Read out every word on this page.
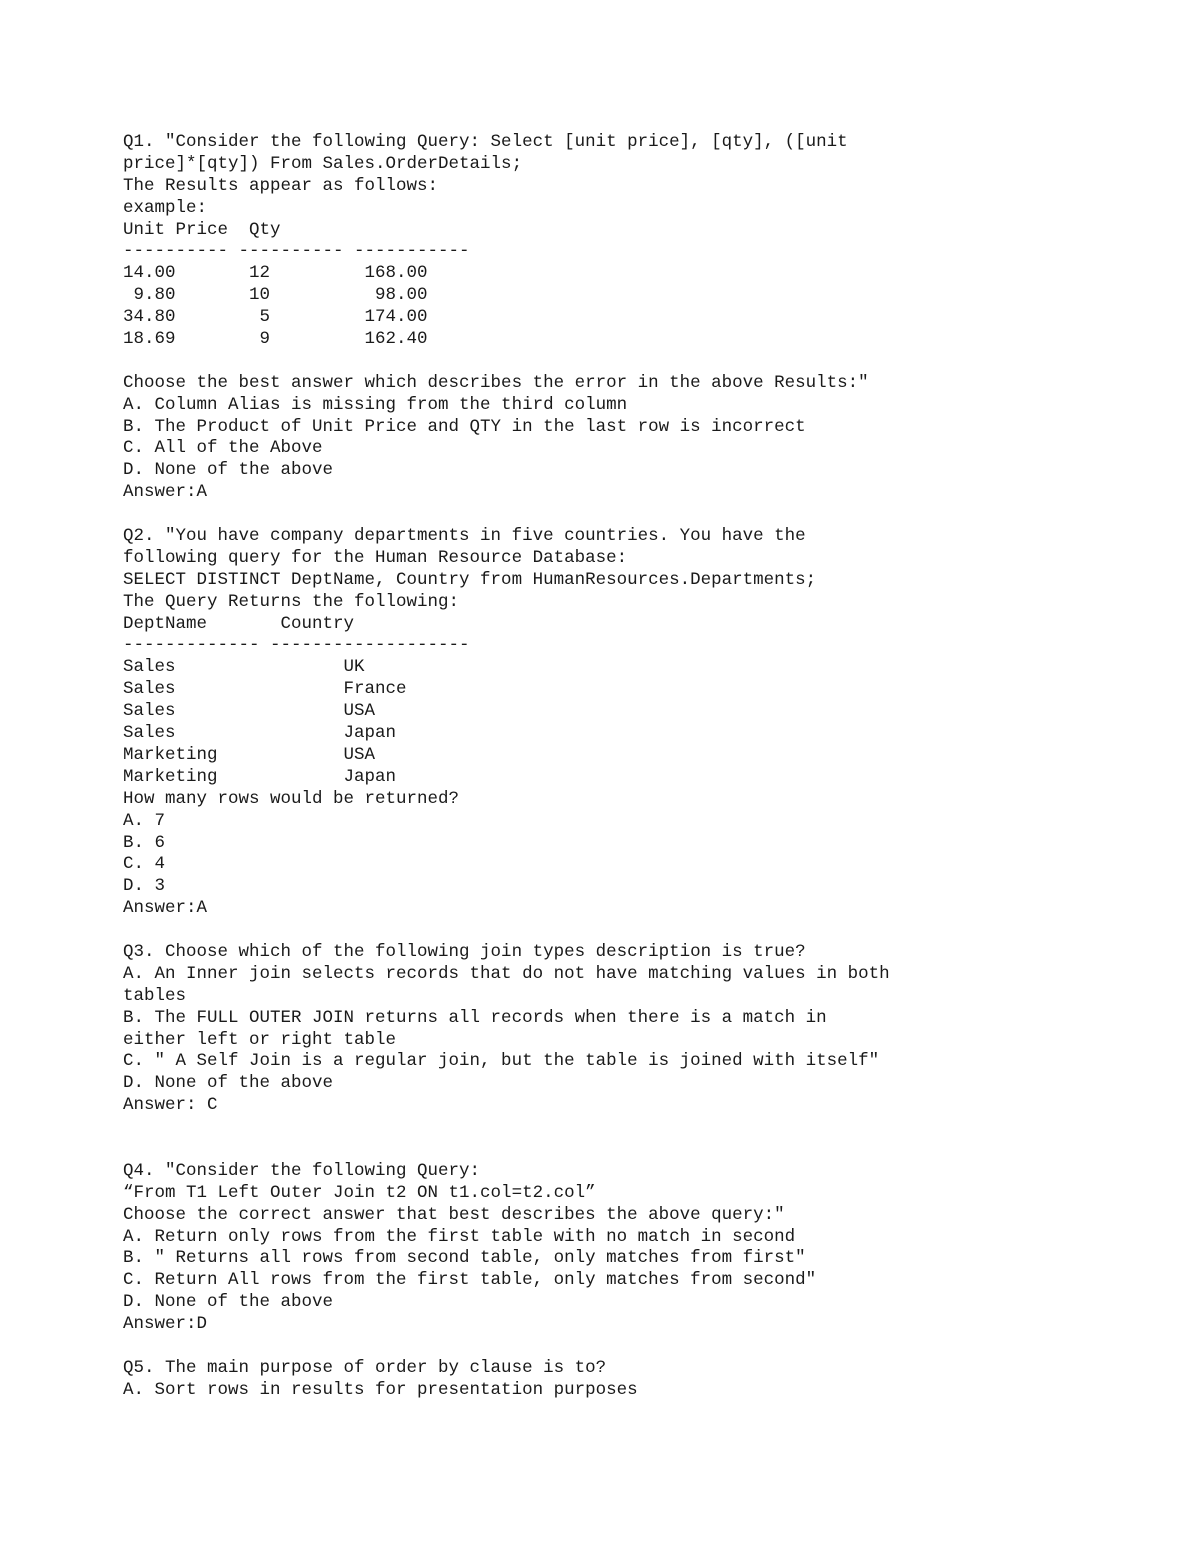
Q1. "Consider the following Query: Select [unit price], [qty], ([unit
price]*[qty]) From Sales.OrderDetails;
The Results appear as follows:
example:
Unit Price  Qty
---------- ---------- -----------
14.00       12         168.00
9.80       10          98.00
34.80        5         174.00
18.69        9         162.40
Choose the best answer which describes the error in the above Results:"
A. Column Alias is missing from the third column
B. The Product of Unit Price and QTY in the last row is incorrect
C. All of the Above
D. None of the above
Answer:A
Q2. "You have company departments in five countries. You have the
following query for the Human Resource Database:
SELECT DISTINCT DeptName, Country from HumanResources.Departments;
The Query Returns the following:
DeptName       Country
------------- -------------------
Sales                UK
Sales                France
Sales                USA
Sales                Japan
Marketing            USA
Marketing            Japan
How many rows would be returned?
A. 7
B. 6
C. 4
D. 3
Answer:A
Q3. Choose which of the following join types description is true?
A. An Inner join selects records that do not have matching values in both
tables
B. The FULL OUTER JOIN returns all records when there is a match in
either left or right table
C. " A Self Join is a regular join, but the table is joined with itself"
D. None of the above
Answer: C
Q4. "Consider the following Query:
“From T1 Left Outer Join t2 ON t1.col=t2.col”
Choose the correct answer that best describes the above query:"
A. Return only rows from the first table with no match in second
B. " Returns all rows from second table, only matches from first"
C. Return All rows from the first table, only matches from second"
D. None of the above
Answer:D
Q5. The main purpose of order by clause is to?
A. Sort rows in results for presentation purposes
